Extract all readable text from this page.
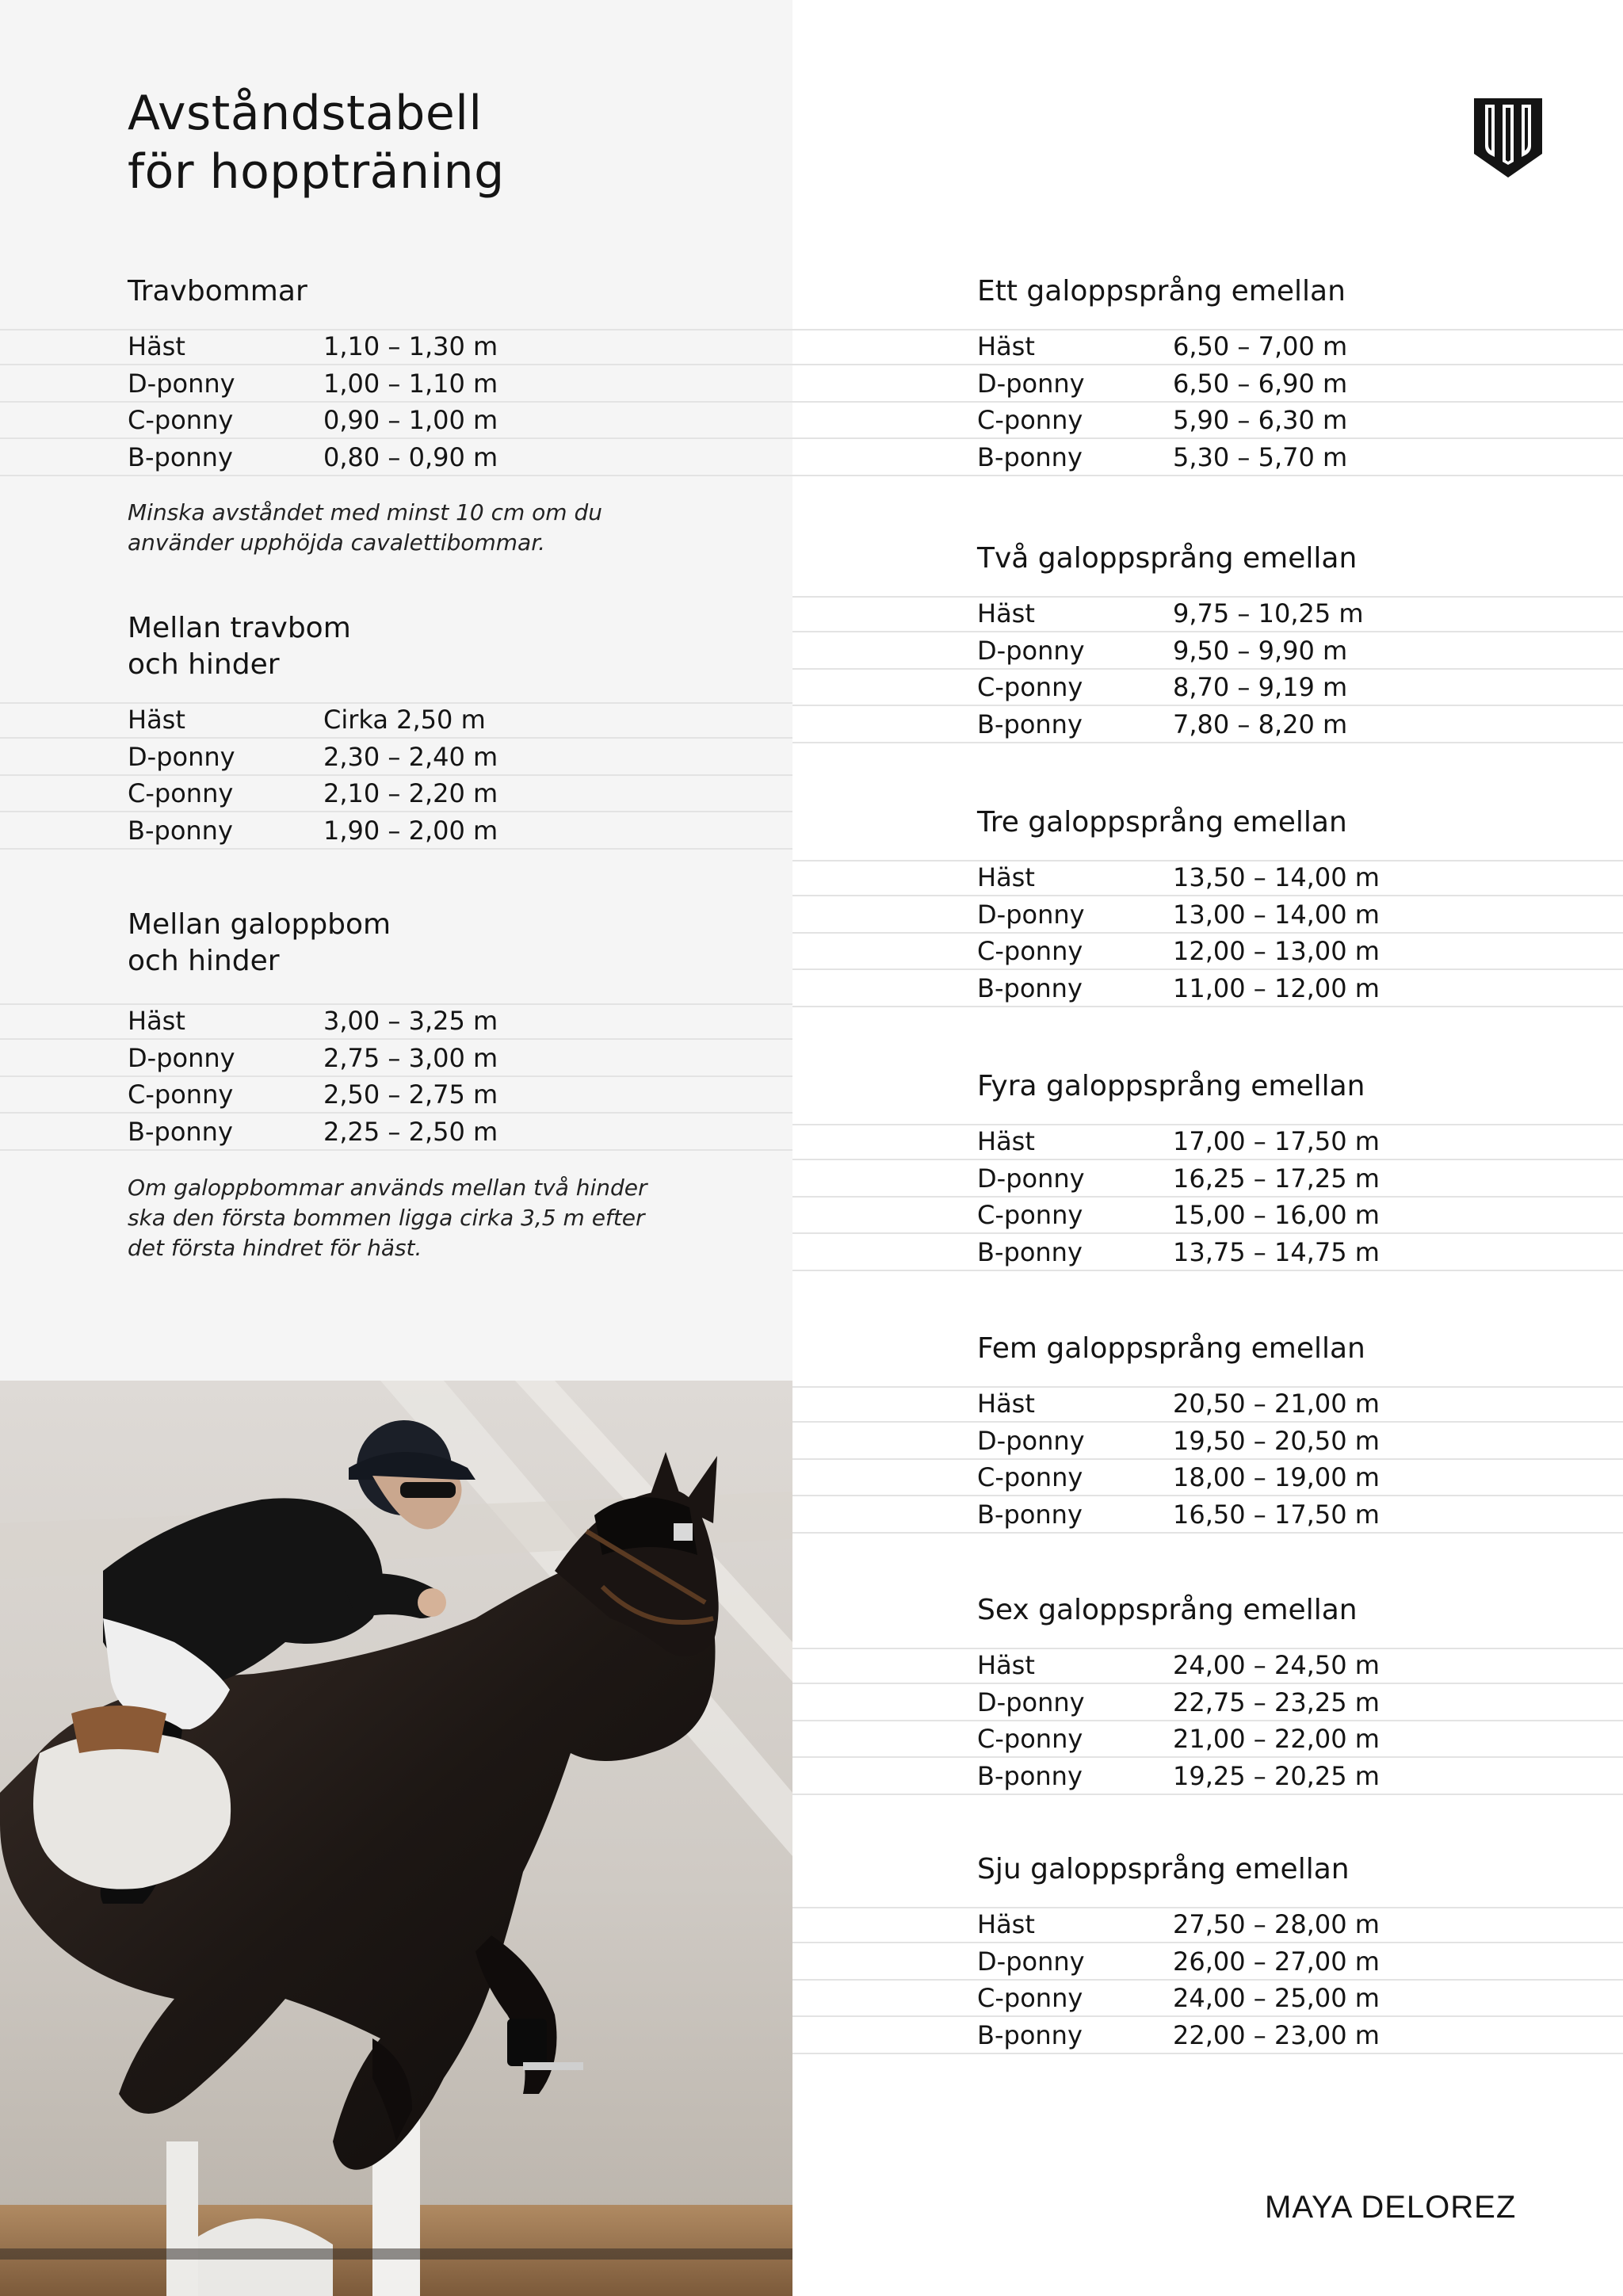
Avståndstabell
för hoppträning
Travbommar
Häst	1,10 – 1,30 m
D-ponny	1,00 – 1,10 m
C-ponny	0,90 – 1,00 m
B-ponny	0,80 – 0,90 m
Minska avståndet med minst 10 cm om du
använder upphöjda cavalettibommar.
Mellan travbom
och hinder
Häst	Cirka 2,50 m
D-ponny	2,30 – 2,40 m
C-ponny	2,10 – 2,20 m
B-ponny	1,90 – 2,00 m
Mellan galoppbom
och hinder
Häst	3,00 – 3,25 m
D-ponny	2,75 – 3,00 m
C-ponny	2,50 – 2,75 m
B-ponny	2,25 – 2,50 m
Om galoppbommar används mellan två hinder
ska den första bommen ligga cirka 3,5 m efter
det första hindret för häst.
Ett galoppsprång emellan
Häst	6,50 – 7,00 m
D-ponny	6,50 – 6,90 m
C-ponny	5,90 – 6,30 m
B-ponny	5,30 – 5,70 m
Två galoppsprång emellan
Häst	9,75 – 10,25 m
D-ponny	9,50 – 9,90 m
C-ponny	8,70 – 9,19 m
B-ponny	7,80 – 8,20 m
Tre galoppsprång emellan
Häst	13,50 – 14,00 m
D-ponny	13,00 – 14,00 m
C-ponny	12,00 – 13,00 m
B-ponny	11,00 – 12,00 m
Fyra galoppsprång emellan
Häst	17,00 – 17,50 m
D-ponny	16,25 – 17,25 m
C-ponny	15,00 – 16,00 m
B-ponny	13,75 – 14,75 m
Fem galoppsprång emellan
Häst	20,50 – 21,00 m
D-ponny	19,50 – 20,50 m
C-ponny	18,00 – 19,00 m
B-ponny	16,50 – 17,50 m
Sex galoppsprång emellan
Häst	24,00 – 24,50 m
D-ponny	22,75 – 23,25 m
C-ponny	21,00 – 22,00 m
B-ponny	19,25 – 20,25 m
Sju galoppsprång emellan
Häst	27,50 – 28,00 m
D-ponny	26,00 – 27,00 m
C-ponny	24,00 – 25,00 m
B-ponny	22,00 – 23,00 m
MAYA DELOREZ
